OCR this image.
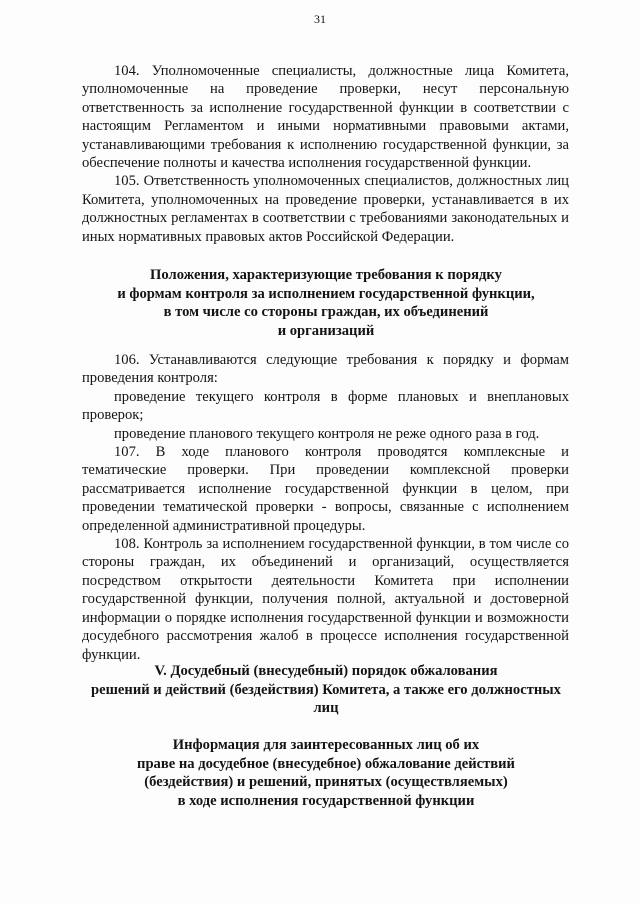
31

104. Уполномоченные специалисты, должностные лица Комитета, уполномоченные на проведение проверки, несут персональную ответственность за исполнение государственной функции в соответствии с настоящим Регламентом и иными нормативными правовыми актами, устанавливающими требования к исполнению государственной функции, за обеспечение полноты и качества исполнения государственной функции.

105. Ответственность уполномоченных специалистов, должностных лиц Комитета, уполномоченных на проведение проверки, устанавливается в их должностных регламентах в соответствии с требованиями законодательных и иных нормативных правовых актов Российской Федерации.

Положения, характеризующие требования к порядку
и формам контроля за исполнением государственной функции,
в том числе со стороны граждан, их объединений
и организаций

106. Устанавливаются следующие требования к порядку и формам проведения контроля:

проведение текущего контроля в форме плановых и внеплановых проверок;

проведение планового текущего контроля не реже одного раза в год.

107. В ходе планового контроля проводятся комплексные и тематические проверки. При проведении комплексной проверки рассматривается исполнение государственной функции в целом, при проведении тематической проверки - вопросы, связанные с исполнением определенной административной процедуры.

108. Контроль за исполнением государственной функции, в том числе со стороны граждан, их объединений и организаций, осуществляется посредством открытости деятельности Комитета при исполнении государственной функции, получения полной, актуальной и достоверной информации о порядке исполнения государственной функции и возможности досудебного рассмотрения жалоб в процессе исполнения государственной функции.

V. Досудебный (внесудебный) порядок обжалования
решений и действий (бездействия) Комитета, а также его должностных
лиц
Информация для заинтересованных лиц об их
праве на досудебное (внесудебное) обжалование действий
(бездействия) и решений, принятых (осуществляемых)
в ходе исполнения государственной функции
